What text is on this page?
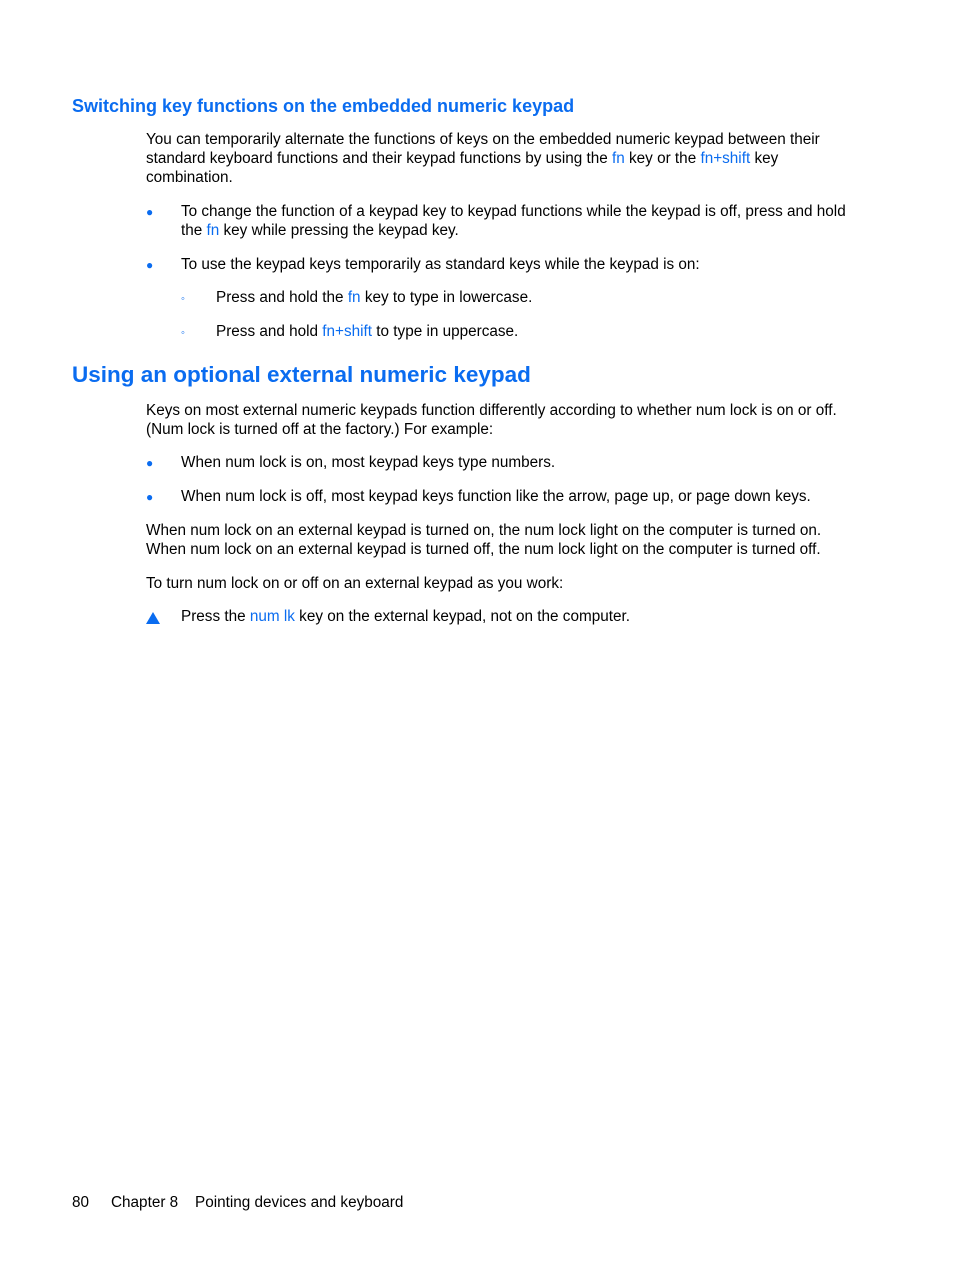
Switching key functions on the embedded numeric keypad
You can temporarily alternate the functions of keys on the embedded numeric keypad between their
standard keyboard functions and their keypad functions by using the fn key or the fn+shift key
combination.
● To change the function of a keypad key to keypad functions while the keypad is off, press and hold
the fn key while pressing the keypad key.
● To use the keypad keys temporarily as standard keys while the keypad is on:
◦ Press and hold the fn key to type in lowercase.
◦ Press and hold fn+shift to type in uppercase.
Using an optional external numeric keypad
Keys on most external numeric keypads function differently according to whether num lock is on or off.
(Num lock is turned off at the factory.) For example:
● When num lock is on, most keypad keys type numbers.
● When num lock is off, most keypad keys function like the arrow, page up, or page down keys.
When num lock on an external keypad is turned on, the num lock light on the computer is turned on.
When num lock on an external keypad is turned off, the num lock light on the computer is turned off.
To turn num lock on or off on an external keypad as you work:
Press the num lk key on the external keypad, not on the computer.
80 Chapter 8 Pointing devices and keyboard
